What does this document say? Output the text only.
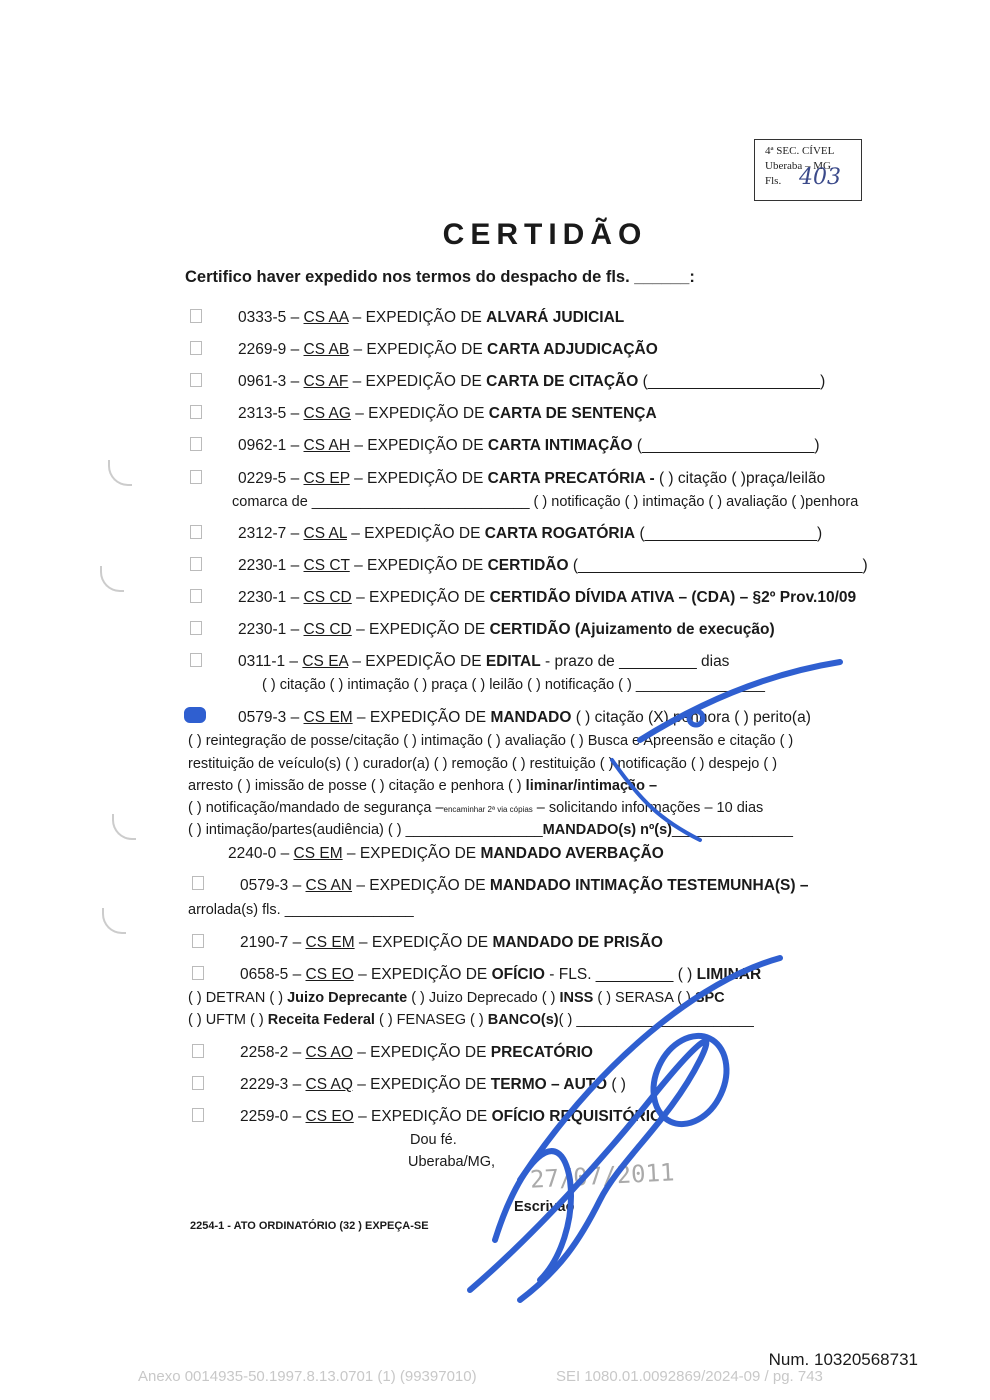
4ª SEC. CÍVEL
Uberaba – MG.
Fls. 403
CERTIDÃO
Certifico haver expedido nos termos do despacho de fls. ______:
0333-5 – CS AA – EXPEDIÇÃO DE ALVARÁ JUDICIAL
2269-9 – CS AB – EXPEDIÇÃO DE CARTA ADJUDICAÇÃO
0961-3 – CS AF – EXPEDIÇÃO DE CARTA DE CITAÇÃO (____________________)
2313-5 – CS AG – EXPEDIÇÃO DE CARTA DE SENTENÇA
0962-1 – CS AH – EXPEDIÇÃO DE CARTA INTIMAÇÃO (____________________)
0229-5 – CS EP – EXPEDIÇÃO DE CARTA PRECATÓRIA - ( ) citação ( )praça/leilão
comarca de ___________________________ ( ) notificação ( ) intimação ( ) avaliação ( )penhora
2312-7 – CS AL – EXPEDIÇÃO DE CARTA ROGATÓRIA (____________________)
2230-1 – CS CT – EXPEDIÇÃO DE CERTIDÃO (_________________________________)
2230-1 – CS CD – EXPEDIÇÃO DE CERTIDÃO DÍVIDA ATIVA – (CDA) – §2º Prov.10/09
2230-1 – CS CD – EXPEDIÇÃO DE CERTIDÃO (Ajuizamento de execução)
0311-1 – CS EA – EXPEDIÇÃO DE EDITAL - prazo de _________ dias
( ) citação ( ) intimação ( ) praça ( ) leilão ( ) notificação ( ) ________________
0579-3 – CS EM – EXPEDIÇÃO DE MANDADO ( ) citação (X) penhora ( ) perito(a)
( ) reintegração de posse/citação ( ) intimação ( ) avaliação ( ) Busca e Apreensão e citação ( )
restituição de veículo(s) ( ) curador(a) ( ) remoção ( ) restituição ( ) notificação ( ) despejo ( )
arresto ( ) imissão de posse ( ) citação e penhora ( ) liminar/intimação –
( ) notificação/mandado de segurança –encaminhar 2ª via cópias – solicitando informações – 10 dias
( ) intimação/partes(audiência) ( ) _________________MANDADO(s) nº(s)_______________
2240-0 – CS EM – EXPEDIÇÃO DE MANDADO AVERBAÇÃO
0579-3 – CS AN – EXPEDIÇÃO DE MANDADO INTIMAÇÃO TESTEMUNHA(S) –
arrolada(s) fls. ________________
2190-7 – CS EM – EXPEDIÇÃO DE MANDADO DE PRISÃO
0658-5 – CS EO – EXPEDIÇÃO DE OFÍCIO - FLS. _________ ( ) LIMINAR
( ) DETRAN ( ) Juizo Deprecante ( ) Juizo Deprecado ( ) INSS ( ) SERASA ( ) SPC
( ) UFTM ( ) Receita Federal ( ) FENASEG ( ) BANCO(s)( ) ______________________
2258-2 – CS AO – EXPEDIÇÃO DE PRECATÓRIO
2229-3 – CS AQ – EXPEDIÇÃO DE TERMO – AUTO ( )
2259-0 – CS EO – EXPEDIÇÃO DE OFÍCIO REQUISITÓRIO
Dou fé.
Uberaba/MG, 27/07/2011
Escrivão
2254-1 - ATO ORDINATÓRIO (32 ) EXPEÇA-SE
Num. 10320568731
Anexo 0014935-50.1997.8.13.0701 (1) (99397010)	SEI 1080.01.0092869/2024-09 / pg. 743
